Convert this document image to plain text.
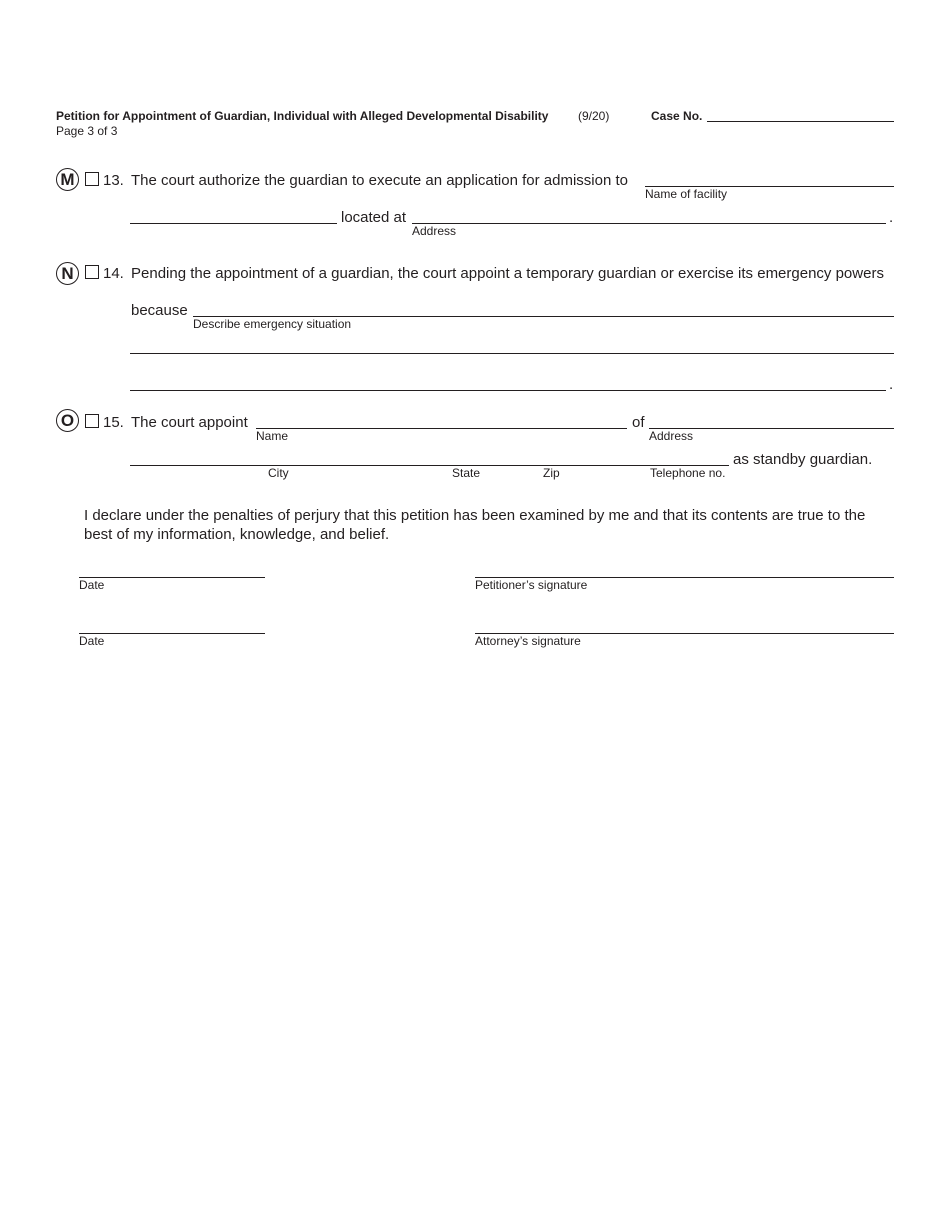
Petition for Appointment of Guardian, Individual with Alleged Developmental Disability (9/20)	Case No.
Page 3 of 3
M 13. The court authorize the guardian to execute an application for admission to
Name of facility
located at	.
Address
N	14. Pending the appointment of a guardian, the court appoint a temporary guardian or exercise its emergency powers
because
Describe emergency situation
.
O	15. The court appoint
Name
of
Address
as standby guardian.
City	State	Zip	Telephone no.
I declare under the penalties of perjury that this petition has been examined by me and that its contents are true to the
best of my information, knowledge, and belief.
Date	Petitioner’s signature
Date	Attorney’s signature
